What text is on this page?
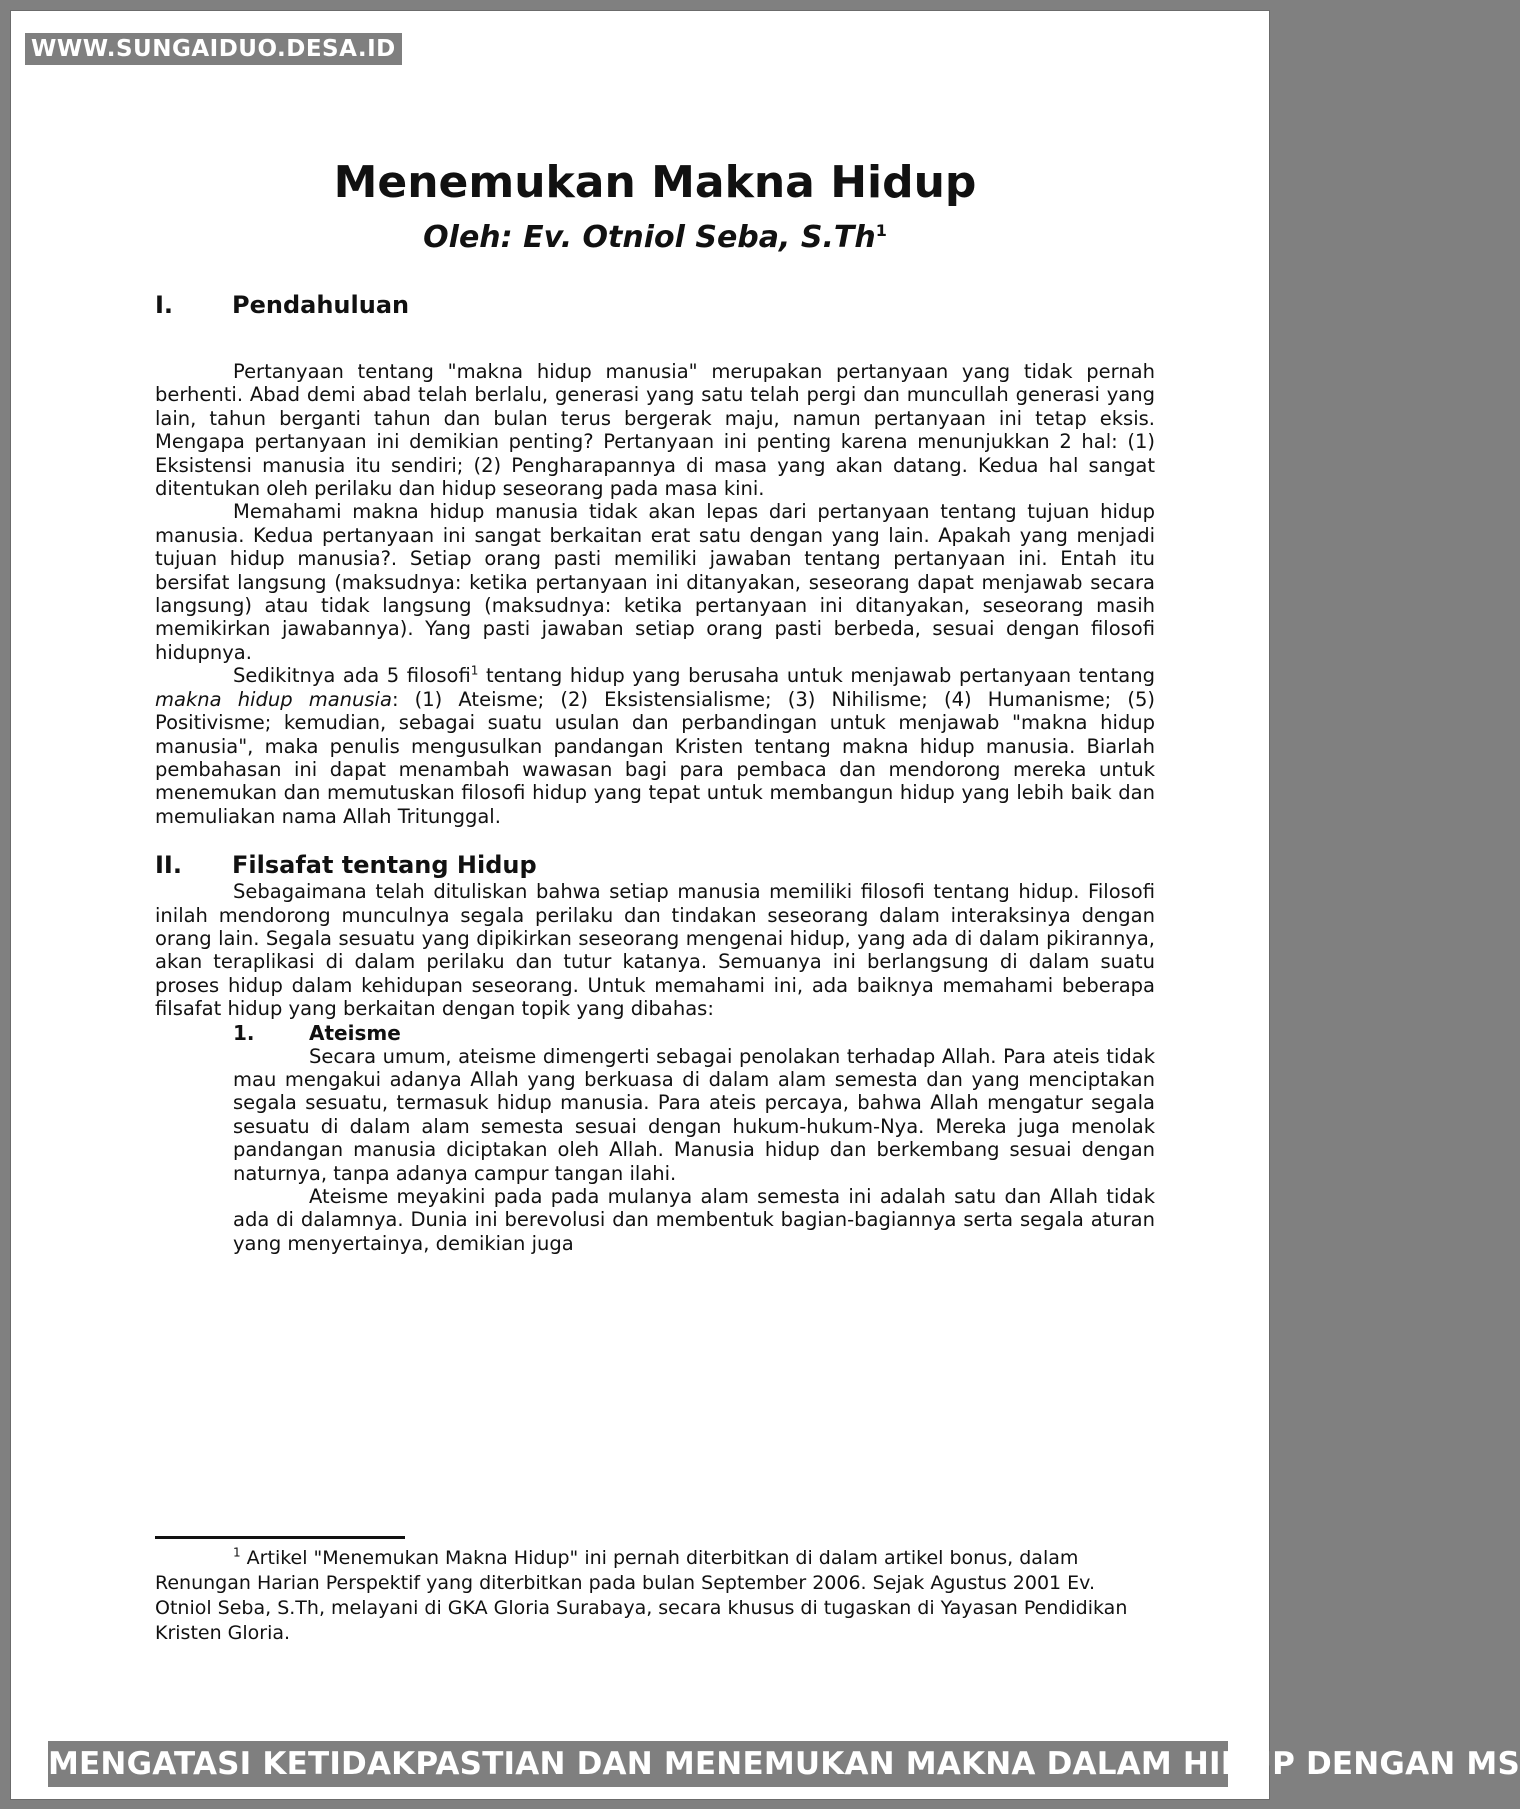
WWW.SUNGAIDUO.DESA.ID
Menemukan Makna Hidup

Oleh: Ev. Otniol Seba, S.Th$^1$

I.	Pendahuluan

Pertanyaan tentang "makna hidup manusia" merupakan pertanyaan yang tidak pernah berhenti. Abad demi abad telah berlalu, generasi yang satu telah pergi dan muncullah generasi yang lain, tahun berganti tahun dan bulan terus bergerak maju, namun pertanyaan ini tetap eksis. Mengapa pertanyaan ini demikian penting? Pertanyaan ini penting karena menunjukkan 2 hal: (1) Eksistensi manusia itu sendiri; (2) Pengharapannya di masa yang akan datang. Kedua hal sangat ditentukan oleh perilaku dan hidup seseorang pada masa kini.

Memahami makna hidup manusia tidak akan lepas dari pertanyaan tentang tujuan hidup manusia. Kedua pertanyaan ini sangat berkaitan erat satu dengan yang lain. Apakah yang menjadi tujuan hidup manusia?. Setiap orang pasti memiliki jawaban tentang pertanyaan ini. Entah itu bersifat langsung (maksudnya: ketika pertanyaan ini ditanyakan, seseorang dapat menjawab secara langsung) atau tidak langsung (maksudnya: ketika pertanyaan ini ditanyakan, seseorang masih memikirkan jawabannya). Yang pasti jawaban setiap orang pasti berbeda, sesuai dengan filosofi hidupnya.

Sedikitnya ada 5 filosofi$^1$ tentang hidup yang berusaha untuk menjawab pertanyaan tentang makna hidup manusia: (1) Ateisme; (2) Eksistensialisme; (3) Nihilisme; (4) Humanisme; (5) Positivisme; kemudian, sebagai suatu usulan dan perbandingan untuk menjawab "makna hidup manusia", maka penulis mengusulkan pandangan Kristen tentang makna hidup manusia. Biarlah pembahasan ini dapat menambah wawasan bagi para pembaca dan mendorong mereka untuk menemukan dan memutuskan filosofi hidup yang tepat untuk membangun hidup yang lebih baik dan memuliakan nama Allah Tritunggal.

II.	Filsafat tentang Hidup

Sebagaimana telah dituliskan bahwa setiap manusia memiliki filosofi tentang hidup. Filosofi inilah mendorong munculnya segala perilaku dan tindakan seseorang dalam interaksinya dengan orang lain. Segala sesuatu yang dipikirkan seseorang mengenai hidup, yang ada di dalam pikirannya, akan teraplikasi di dalam perilaku dan tutur katanya. Semuanya ini berlangsung di dalam suatu proses hidup dalam kehidupan seseorang. Untuk memahami ini, ada baiknya memahami beberapa filsafat hidup yang berkaitan dengan topik yang dibahas:

1.	Ateisme

Secara umum, ateisme dimengerti sebagai penolakan terhadap Allah. Para ateis tidak mau mengakui adanya Allah yang berkuasa di dalam alam semesta dan yang menciptakan segala sesuatu, termasuk hidup manusia. Para ateis percaya, bahwa Allah mengatur segala sesuatu di dalam alam semesta sesuai dengan hukum-hukum-Nya. Mereka juga menolak pandangan manusia diciptakan oleh Allah. Manusia hidup dan berkembang sesuai dengan naturnya, tanpa adanya campur tangan ilahi.

Ateisme meyakini pada pada mulanya alam semesta ini adalah satu dan Allah tidak ada di dalamnya. Dunia ini berevolusi dan membentuk bagian-bagiannya serta segala aturan yang menyertainya, demikian juga

$^1$ Artikel "Menemukan Makna Hidup" ini pernah diterbitkan di dalam artikel bonus, dalam Renungan Harian Perspektif yang diterbitkan pada bulan September 2006. Sejak Agustus 2001 Ev. Otniol Seba, S.Th, melayani di GKA Gloria Surabaya, secara khusus di tugaskan di Yayasan Pendidikan Kristen Gloria.

MENGATASI KETIDAKPASTIAN DAN MENEMUKAN MAKNA DALAM HIDUP DENGAN MS
